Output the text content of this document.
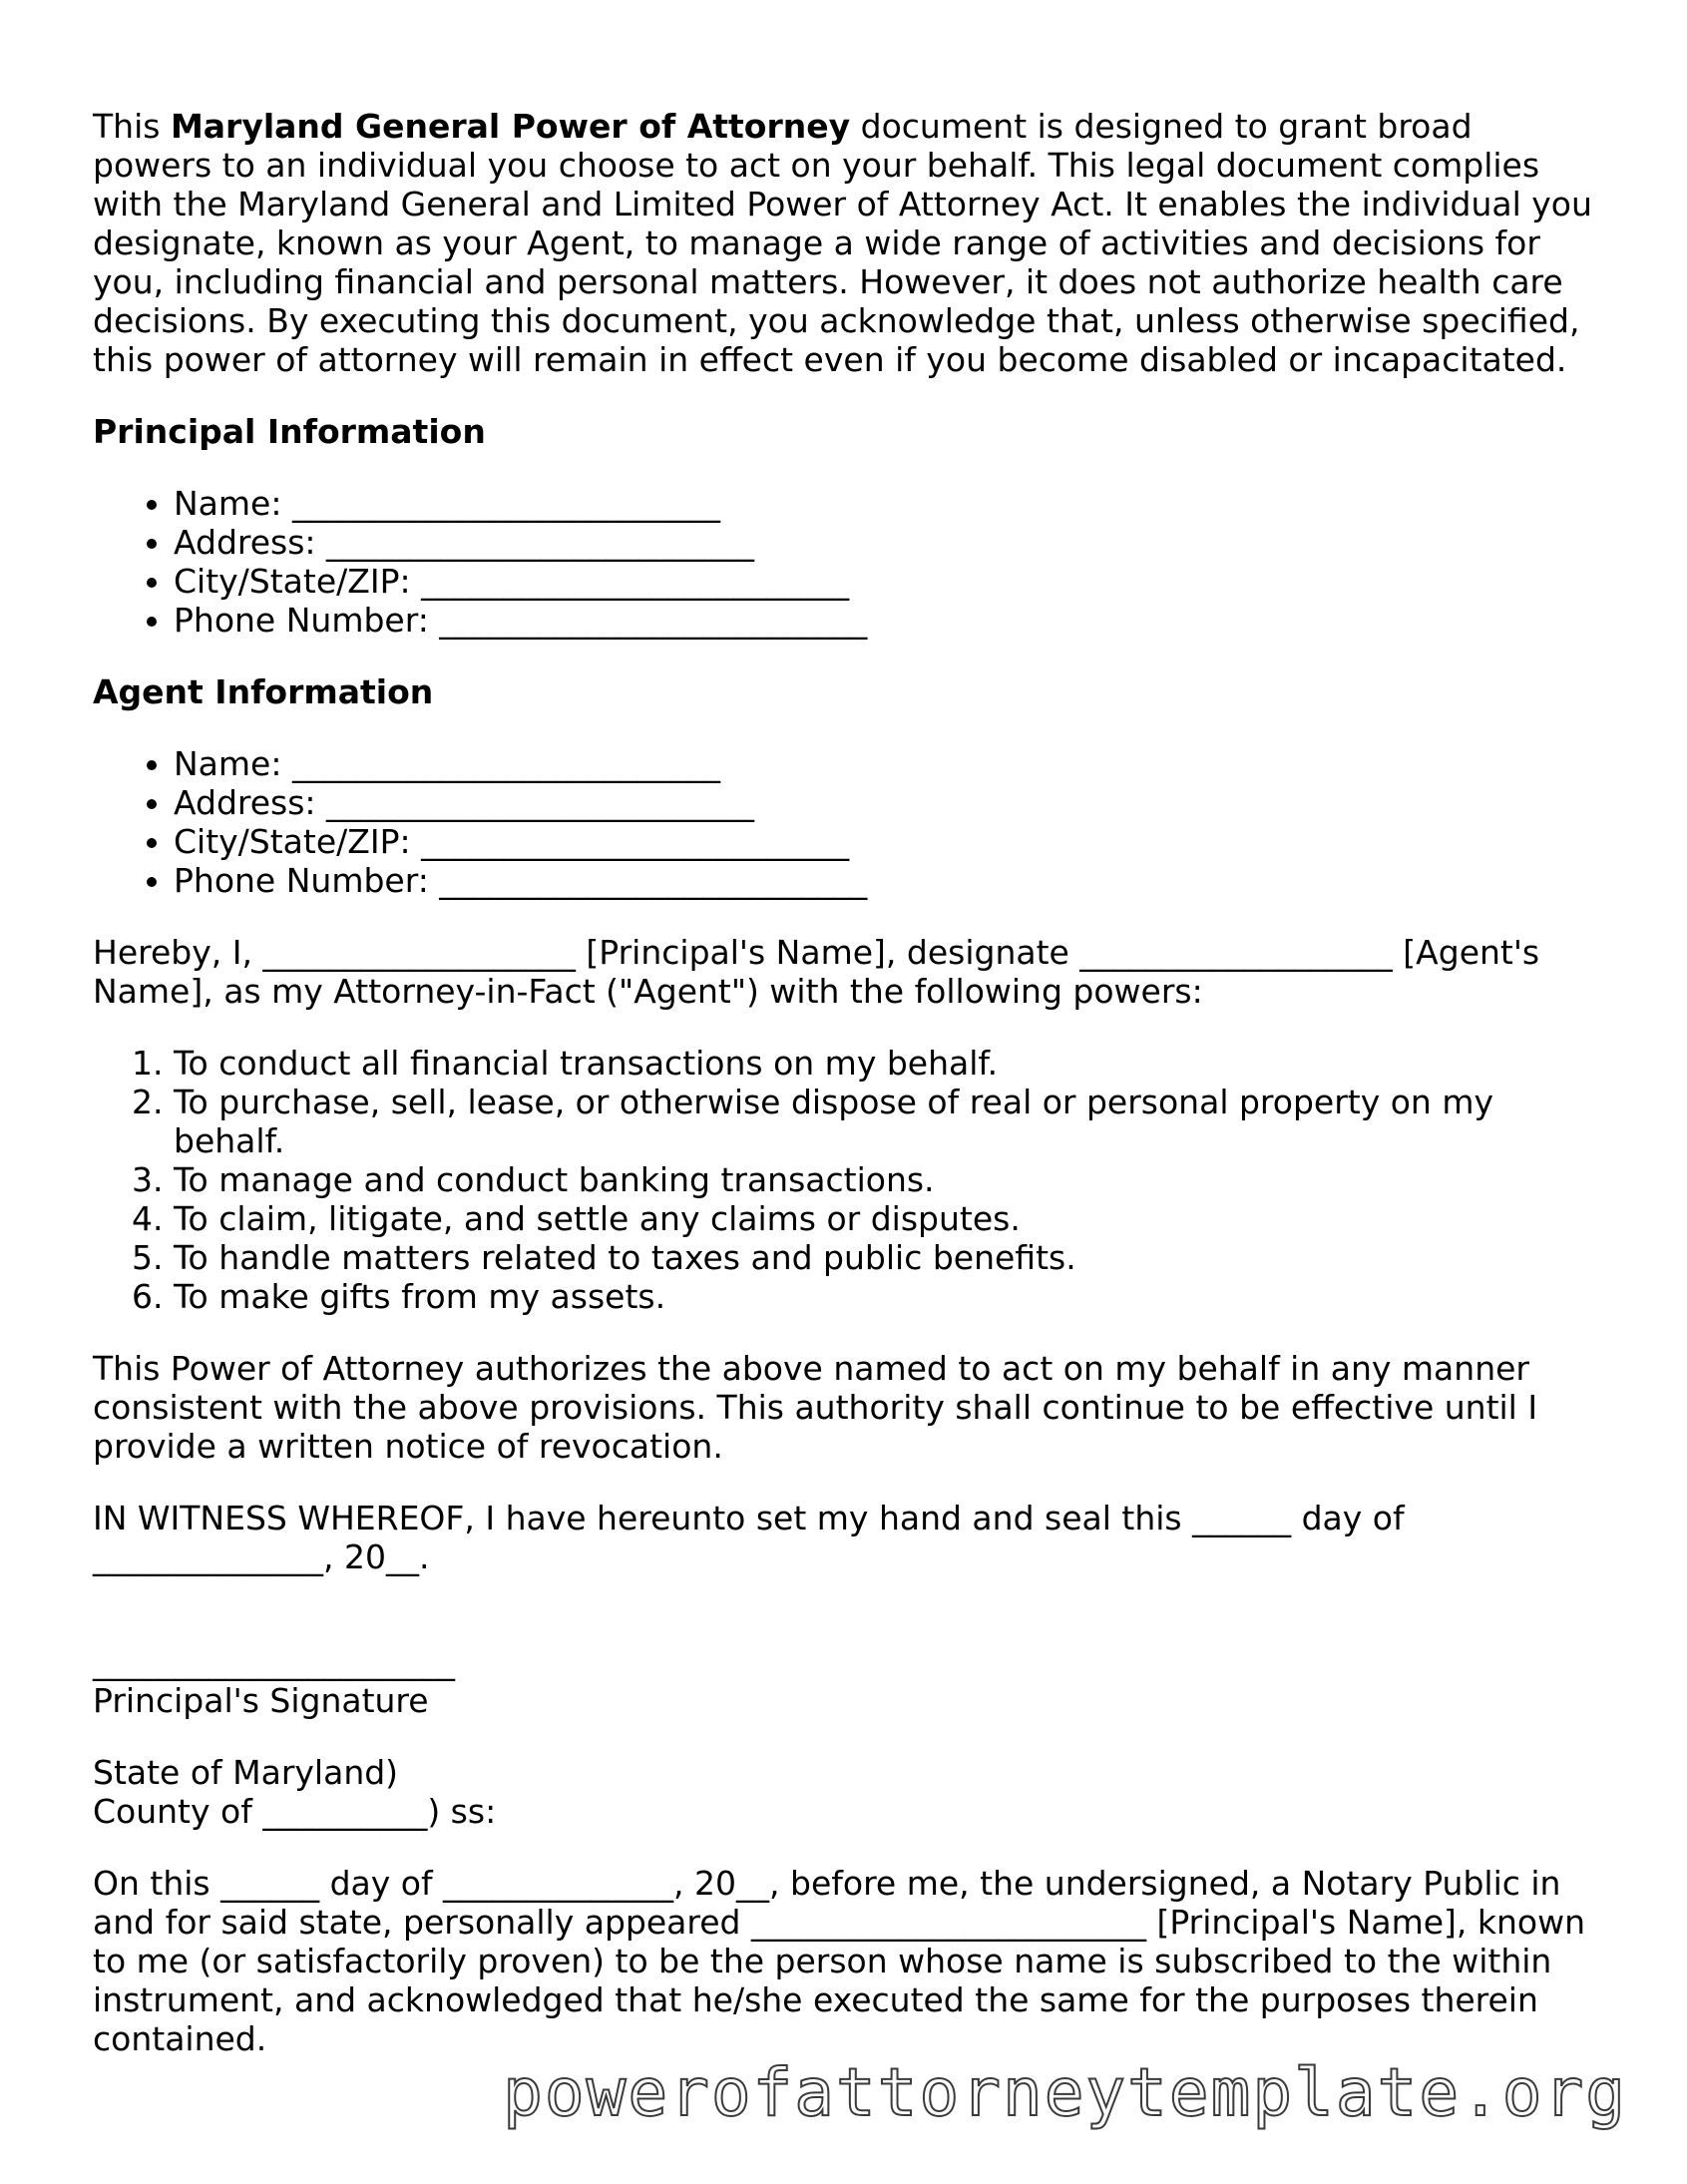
This Maryland General Power of Attorney document is designed to grant broad powers to an individual you choose to act on your behalf. This legal document complies with the Maryland General and Limited Power of Attorney Act. It enables the individual you designate, known as your Agent, to manage a wide range of activities and decisions for you, including financial and personal matters. However, it does not authorize health care decisions. By executing this document, you acknowledge that, unless otherwise specified, this power of attorney will remain in effect even if you become disabled or incapacitated.

Principal Information
• Name: __________________________
• Address: __________________________
• City/State/ZIP: __________________________
• Phone Number: __________________________
Agent Information
• Name: __________________________
• Address: __________________________
• City/State/ZIP: __________________________
• Phone Number: __________________________

Hereby, I, ___________________ [Principal's Name], designate ___________________ [Agent's Name], as my Attorney-in-Fact ("Agent") with the following powers:

1. To conduct all financial transactions on my behalf.
2. To purchase, sell, lease, or otherwise dispose of real or personal property on my behalf.
3. To manage and conduct banking transactions.
4. To claim, litigate, and settle any claims or disputes.
5. To handle matters related to taxes and public benefits.
6. To make gifts from my assets.

This Power of Attorney authorizes the above named to act on my behalf in any manner consistent with the above provisions. This authority shall continue to be effective until I provide a written notice of revocation.

IN WITNESS WHEREOF, I have hereunto set my hand and seal this ______ day of ______________, 20__.

______________________
Principal's Signature
State of Maryland)
County of __________) ss:

On this ______ day of ______________, 20__, before me, the undersigned, a Notary Public in and for said state, personally appeared ________________________ [Principal's Name], known to me (or satisfactorily proven) to be the person whose name is subscribed to the within instrument, and acknowledged that he/she executed the same for the purposes therein contained.

powerofattorneytemplate.org
